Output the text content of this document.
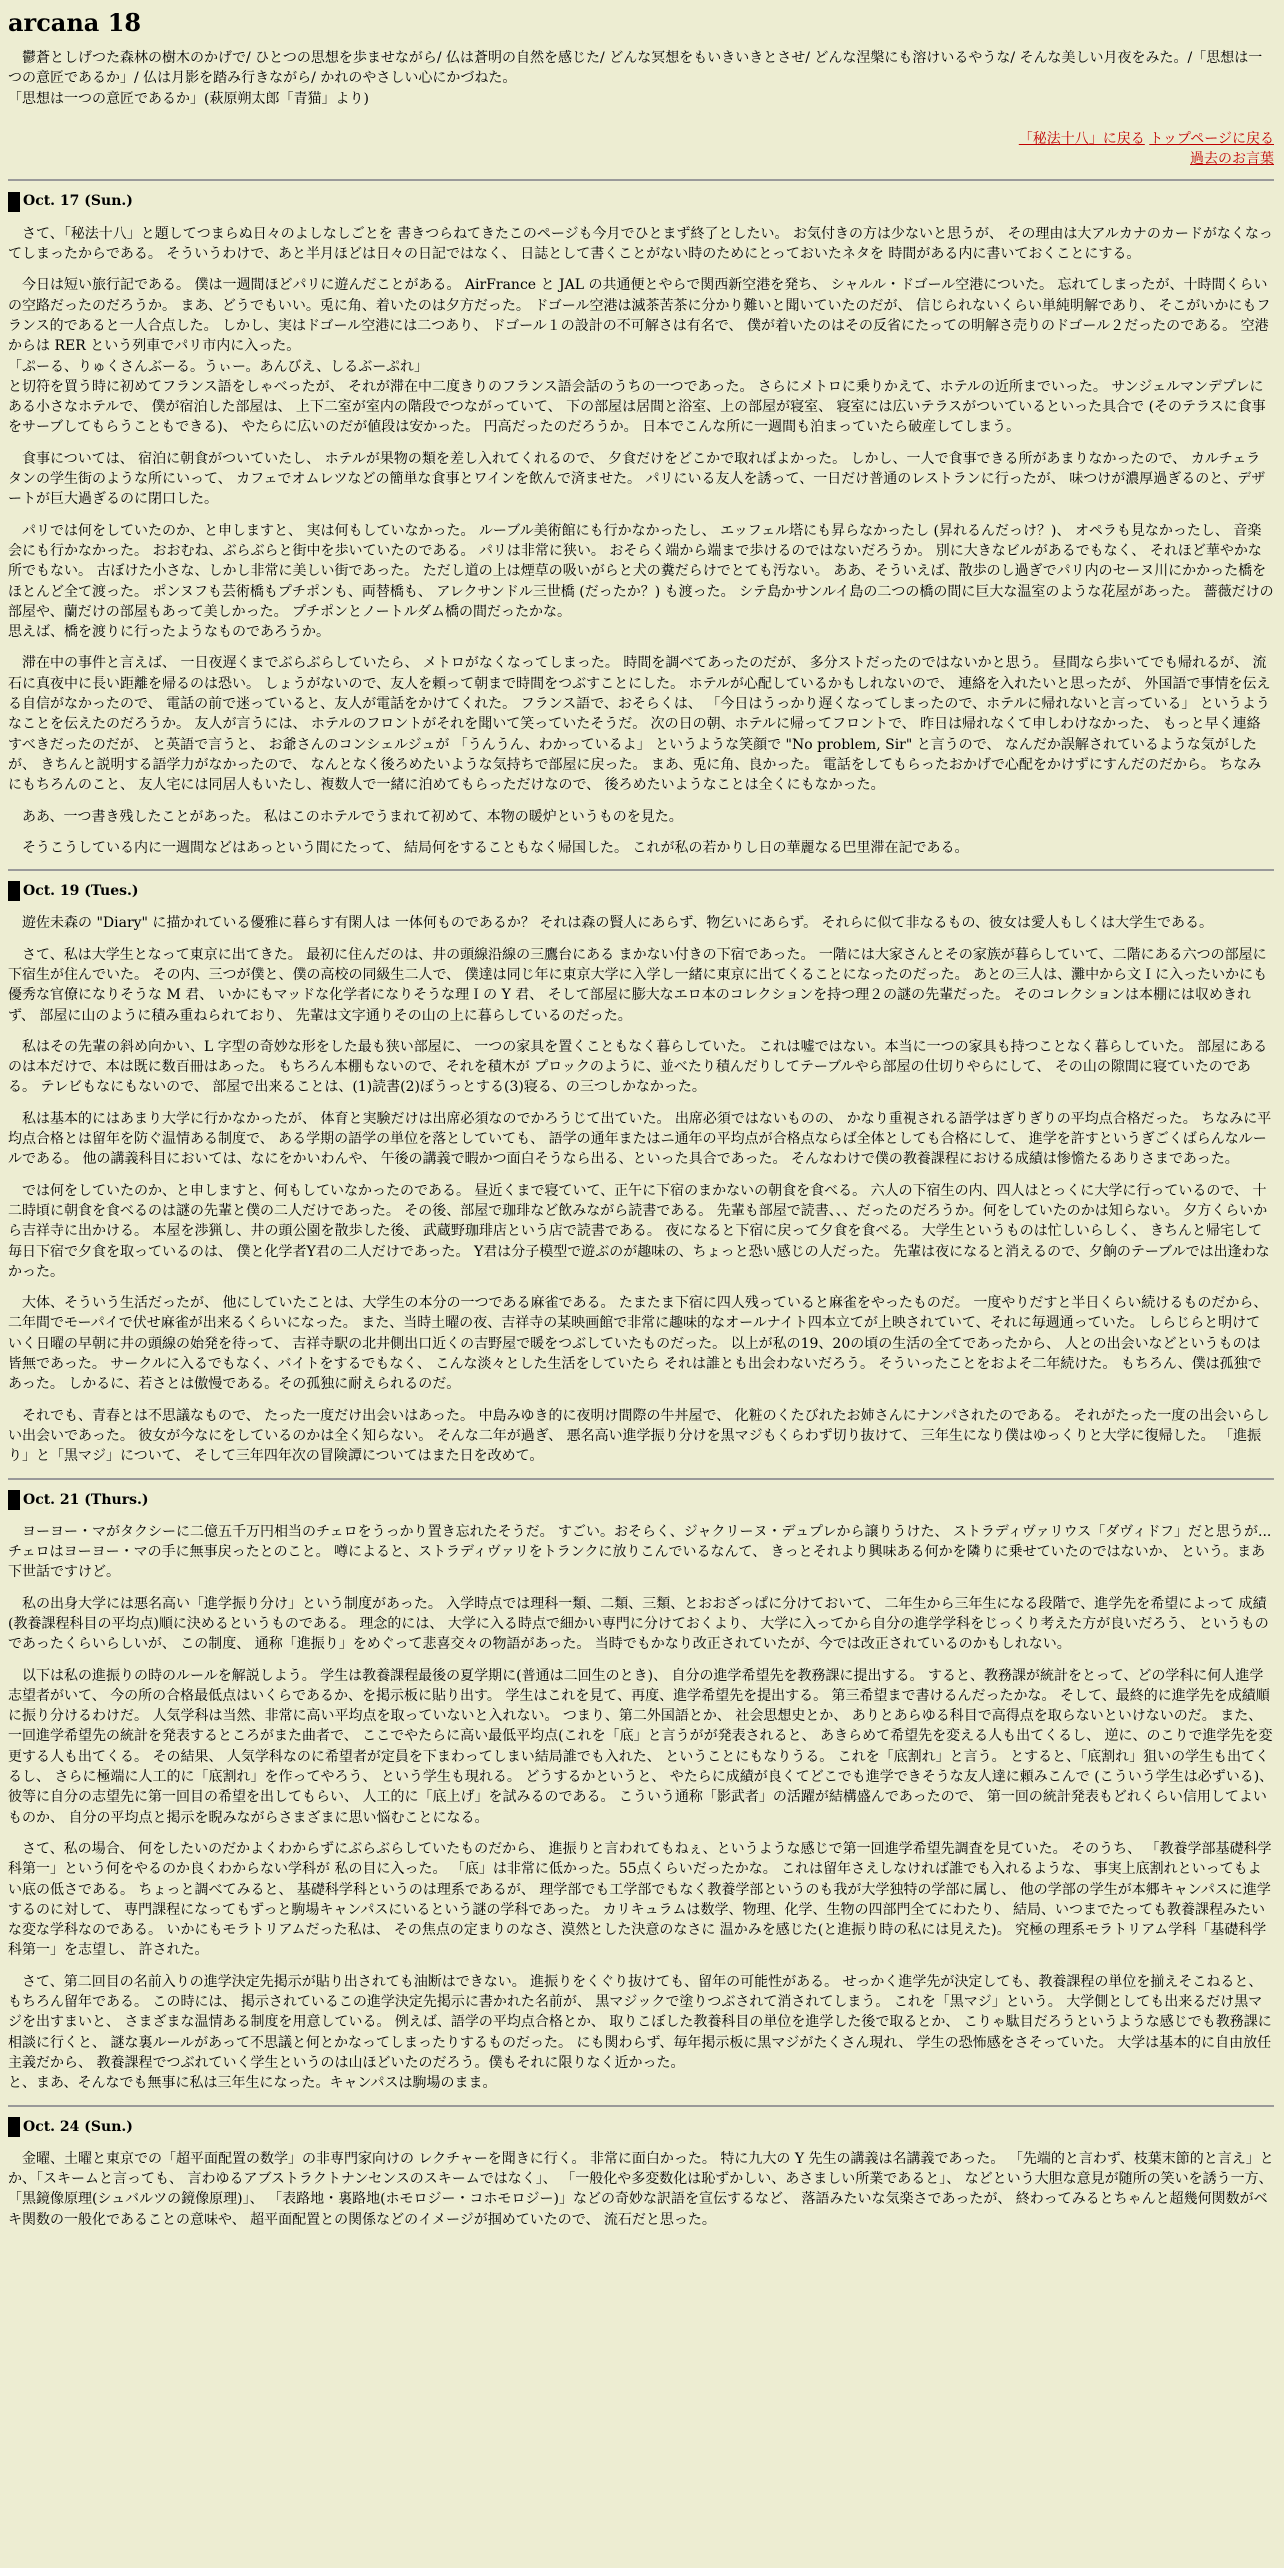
arcana 18
　鬱蒼としげつた森林の樹木のかげで/ ひとつの思想を歩ませながら/ 仏は蒼明の自然を感じた/ どんな冥想をもいきいきとさせ/ どんな涅槃にも溶けいるやうな/ そんな美しい月夜をみた。/「思想は一つの意匠であるか」/ 仏は月影を踏み行きながら/ かれのやさしい心にかづねた。
「思想は一つの意匠であるか」(萩原朔太郎「青猫」より)
「秘法十八」に戻る トップページに戻る
過去のお言葉
Oct. 17 (Sun.)

さて、「秘法十八」と題してつまらぬ日々のよしなしごとを 書きつらねてきたこのページも今月でひとまず終了としたい。 お気付きの方は少ないと思うが、 その理由は大アルカナのカードがなくなってしまったからである。 そういうわけで、あと半月ほどは日々の日記ではなく、 日誌として書くことがない時のためにとっておいたネタを 時間がある内に書いておくことにする。

今日は短い旅行記である。 僕は一週間ほどパリに遊んだことがある。 AirFrance と JAL の共通便とやらで関西新空港を発ち、 シャルル・ドゴール空港についた。 忘れてしまったが、十時間くらいの空路だったのだろうか。 まあ、どうでもいい。兎に角、着いたのは夕方だった。 ドゴール空港は滅茶苦茶に分かり難いと聞いていたのだが、 信じられないくらい単純明解であり、 そこがいかにもフランス的であると一人合点した。 しかし、実はドゴール空港には二つあり、 ドゴール１の設計の不可解さは有名で、 僕が着いたのはその反省にたっての明解さ売りのドゴール２だったのである。 空港からは RER という列車でパリ市内に入った。

「ぷーる、りゅくさんぶーる。うぃー。あんびえ、しるぶーぷれ」

と切符を買う時に初めてフランス語をしゃべったが、 それが滞在中二度きりのフランス語会話のうちの一つであった。 さらにメトロに乗りかえて、ホテルの近所までいった。 サンジェルマンデプレにある小さなホテルで、 僕が宿泊した部屋は、 上下二室が室内の階段でつながっていて、 下の部屋は居間と浴室、上の部屋が寝室、 寝室には広いテラスがついているといった具合で (そのテラスに食事をサーブしてもらうこともできる)、 やたらに広いのだが値段は安かった。 円高だったのだろうか。 日本でこんな所に一週間も泊まっていたら破産してしまう。

食事については、 宿泊に朝食がついていたし、 ホテルが果物の類を差し入れてくれるので、 夕食だけをどこかで取ればよかった。 しかし、一人で食事できる所があまりなかったので、 カルチェラタンの学生街のような所にいって、 カフェでオムレツなどの簡単な食事とワインを飲んで済ませた。 パリにいる友人を誘って、一日だけ普通のレストランに行ったが、 味つけが濃厚過ぎるのと、デザートが巨大過ぎるのに閉口した。

パリでは何をしていたのか、と申しますと、 実は何もしていなかった。 ルーブル美術館にも行かなかったし、 エッフェル塔にも昇らなかったし (昇れるんだっけ？)、 オペラも見なかったし、 音楽会にも行かなかった。 おおむね、ぶらぶらと街中を歩いていたのである。 パリは非常に狭い。 おそらく端から端まで歩けるのではないだろうか。 別に大きなビルがあるでもなく、 それほど華やかな所でもない。 古ぼけた小さな、しかし非常に美しい街であった。 ただし道の上は煙草の吸いがらと犬の糞だらけでとても汚ない。 ああ、そういえば、散歩のし過ぎでパリ内のセーヌ川にかかった橋を ほとんど全て渡った。 ポンヌフも芸術橋もプチポンも、両替橋も、 アレクサンドル三世橋 (だったか？) も渡った。 シテ島かサンルイ島の二つの橋の間に巨大な温室のような花屋があった。 薔薇だけの部屋や、蘭だけの部屋もあって美しかった。 プチポンとノートルダム橋の間だったかな。

思えば、橋を渡りに行ったようなものであろうか。

滞在中の事件と言えば、 一日夜遅くまでぶらぶらしていたら、 メトロがなくなってしまった。 時間を調べてあったのだが、 多分ストだったのではないかと思う。 昼間なら歩いてでも帰れるが、 流石に真夜中に長い距離を帰るのは恐い。 しょうがないので、友人を頼って朝まで時間をつぶすことにした。 ホテルが心配しているかもしれないので、 連絡を入れたいと思ったが、 外国語で事情を伝える自信がなかったので、 電話の前で迷っていると、友人が電話をかけてくれた。 フランス語で、おそらくは、 「今日はうっかり遅くなってしまったので、ホテルに帰れないと言っている」 というようなことを伝えたのだろうか。 友人が言うには、 ホテルのフロントがそれを聞いて笑っていたそうだ。 次の日の朝、ホテルに帰ってフロントで、 昨日は帰れなくて申しわけなかった、 もっと早く連絡すべきだったのだが、 と英語で言うと、 お爺さんのコンシェルジュが 「うんうん、わかっているよ」 というような笑顔で "No problem, Sir" と言うので、 なんだか誤解されているような気がしたが、 きちんと説明する語学力がなかったので、 なんとなく後ろめたいような気持ちで部屋に戻った。 まあ、兎に角、良かった。 電話をしてもらったおかげで心配をかけずにすんだのだから。 ちなみにもちろんのこと、 友人宅には同居人もいたし、複数人で一緒に泊めてもらっただけなので、 後ろめたいようなことは全くにもなかった。

ああ、一つ書き残したことがあった。 私はこのホテルでうまれて初めて、本物の暖炉というものを見た。

そうこうしている内に一週間などはあっという間にたって、 結局何をすることもなく帰国した。 これが私の若かりし日の華麗なる巴里滞在記である。

Oct. 19 (Tues.)

遊佐未森の "Diary" に描かれている優雅に暮らす有閑人は 一体何ものであるか？ それは森の賢人にあらず、物乞いにあらず。 それらに似て非なるもの、彼女は愛人もしくは大学生である。

さて、私は大学生となって東京に出てきた。 最初に住んだのは、井の頭線沿線の三鷹台にある まかない付きの下宿であった。 一階には大家さんとその家族が暮らしていて、二階にある六つの部屋に下宿生が住んでいた。 その内、三つが僕と、僕の高校の同級生二人で、 僕達は同じ年に東京大学に入学し一緒に東京に出てくることになったのだった。 あとの三人は、灘中から文Ｉに入ったいかにも優秀な官僚になりそうな M 君、 いかにもマッドな化学者になりそうな理Ｉの Y 君、 そして部屋に膨大なエロ本のコレクションを持つ理２の謎の先輩だった。 そのコレクションは本棚には収めきれず、 部屋に山のように積み重ねられており、 先輩は文字通りその山の上に暮らしているのだった。

私はその先輩の斜め向かい、L 字型の奇妙な形をした最も狭い部屋に、 一つの家具を置くこともなく暮らしていた。 これは嘘ではない。本当に一つの家具も持つことなく暮らしていた。 部屋にあるのは本だけで、本は既に数百冊はあった。 もちろん本棚もないので、それを積木が プロックのように、並べたり積んだりしてテーブルやら部屋の仕切りやらにして、 その山の隙間に寝ていたのである。 テレビもなにもないので、 部屋で出来ることは、(1)読書(2)ぼうっとする(3)寝る、の三つしかなかった。

私は基本的にはあまり大学に行かなかったが、 体育と実験だけは出席必須なのでかろうじて出ていた。 出席必須ではないものの、 かなり重視される語学はぎりぎりの平均点合格だった。 ちなみに平均点合格とは留年を防ぐ温情ある制度で、 ある学期の語学の単位を落としていても、 語学の通年またはニ通年の平均点が合格点ならば全体としても合格にして、 進学を許すというぎごくばらんなルールである。 他の講義科目においては、なにをかいわんや、 午後の講義で暇かつ面白そうなら出る、といった具合であった。 そんなわけで僕の教養課程における成績は惨憺たるありさまであった。

では何をしていたのか、と申しますと、何もしていなかったのである。 昼近くまで寝ていて、正午に下宿のまかないの朝食を食べる。 六人の下宿生の内、四人はとっくに大学に行っているので、 十二時頃に朝食を食べるのは謎の先輩と僕の二人だけであった。 その後、部屋で珈琲など飲みながら読書である。 先輩も部屋で読書、、、だったのだろうか。何をしていたのかは知らない。 夕方くらいから吉祥寺に出かける。 本屋を渉猟し、井の頭公園を散歩した後、 武蔵野珈琲店という店で読書である。 夜になると下宿に戻って夕食を食べる。 大学生というものは忙しいらしく、 きちんと帰宅して毎日下宿で夕食を取っているのは、 僕と化学者Y君の二人だけであった。 Y君は分子模型で遊ぶのが趣味の、ちょっと恐い感じの人だった。 先輩は夜になると消えるので、夕餉のテーブルでは出逢わなかった。

大体、そういう生活だったが、 他にしていたことは、大学生の本分の一つである麻雀である。 たまたま下宿に四人残っていると麻雀をやったものだ。 一度やりだすと半日くらい続けるものだから、 二年間でモーパイで伏せ麻雀が出来るくらいになった。 また、当時土曜の夜、吉祥寺の某映画館で非常に趣味的なオールナイト四本立てが上映されていて、それに毎週通っていた。 しらじらと明けていく日曜の早朝に井の頭線の始発を待って、 吉祥寺駅の北井側出口近くの吉野屋で暖をつぶしていたものだった。 以上が私の19、20の頃の生活の全てであったから、 人との出会いなどというものは皆無であった。 サークルに入るでもなく、バイトをするでもなく、 こんな淡々とした生活をしていたら それは誰とも出会わないだろう。 そういったことをおよそ二年続けた。 もちろん、僕は孤独であった。 しかるに、若さとは傲慢である。その孤独に耐えられるのだ。

それでも、青春とは不思議なもので、 たった一度だけ出会いはあった。 中島みゆき的に夜明け間際の牛丼屋で、 化粧のくたびれたお姉さんにナンパされたのである。 それがたった一度の出会いらしい出会いであった。 彼女が今なにをしているのかは全く知らない。 そんな二年が過ぎ、 悪名高い進学振り分けを黒マジもくらわず切り抜けて、 三年生になり僕はゆっくりと大学に復帰した。 「進振り」と「黒マジ」について、 そして三年四年次の冒険譚についてはまた日を改めて。

Oct. 21 (Thurs.)

ヨーヨー・マがタクシーに二億五千万円相当のチェロをうっかり置き忘れたそうだ。 すごい。おそらく、ジャクリーヌ・デュプレから譲りうけた、 ストラディヴァリウス「ダヴィドフ」だと思うが... チェロはヨーヨー・マの手に無事戻ったとのこと。 噂によると、ストラディヴァリをトランクに放りこんでいるなんて、 きっとそれより興味ある何かを隣りに乗せていたのではないか、 という。まあ下世話ですけど。

私の出身大学には悪名高い「進学振り分け」という制度があった。 入学時点では理科一類、二類、三類、とおおざっぱに分けておいて、 二年生から三年生になる段階で、進学先を希望によって 成績(教養課程科目の平均点)順に決めるというものである。 理念的には、 大学に入る時点で細かい専門に分けておくより、 大学に入ってから自分の進学学科をじっくり考えた方が良いだろう、 というものであったくらいらしいが、 この制度、 通称「進振り」をめぐって悲喜交々の物語があった。 当時でもかなり改正されていたが、今では改正されているのかもしれない。

以下は私の進振りの時のルールを解説しよう。 学生は教養課程最後の夏学期に(普通は二回生のとき)、 自分の進学希望先を教務課に提出する。 すると、教務課が統計をとって、どの学科に何人進学志望者がいて、 今の所の合格最低点はいくらであるか、を掲示板に貼り出す。 学生はこれを見て、再度、進学希望先を提出する。 第三希望まで書けるんだったかな。 そして、最終的に進学先を成績順に振り分けるわけだ。 人気学科は当然、非常に高い平均点を取っていないと入れない。 つまり、第二外国語とか、 社会思想史とか、 ありとあらゆる科目で高得点を取らないといけないのだ。 また、一回進学希望先の統計を発表するところがまた曲者で、 ここでやたらに高い最低平均点(これを「底」と言うがが発表されると、 あきらめて希望先を変える人も出てくるし、 逆に、のこりで進学先を変更する人も出てくる。 その結果、 人気学科なのに希望者が定員を下まわってしまい結局誰でも入れた、 ということにもなりうる。 これを「底割れ」と言う。 とすると、「底割れ」狙いの学生も出てくるし、 さらに極端に人工的に「底割れ」を作ってやろう、 という学生も現れる。 どうするかというと、 やたらに成績が良くてどこでも進学できそうな友人達に頼みこんで (こういう学生は必ずいる)、 彼等に自分の志望先に第一回目の希望を出してもらい、 人工的に「底上げ」を試みるのである。 こういう通称「影武者」の活躍が結構盛んであったので、 第一回の統計発表もどれくらい信用してよいものか、 自分の平均点と掲示を睨みながらさまざまに思い悩むことになる。

さて、私の場合、 何をしたいのだかよくわからずにぶらぶらしていたものだから、 進振りと言われてもねぇ、というような感じで第一回進学希望先調査を見ていた。 そのうち、 「教養学部基礎科学科第一」という何をやるのか良くわからない学科が 私の目に入った。 「底」は非常に低かった。55点くらいだったかな。 これは留年さえしなければ誰でも入れるような、 事実上底割れといってもよい底の低さである。 ちょっと調べてみると、 基礎科学科というのは理系であるが、 理学部でも工学部でもなく教養学部というのも我が大学独特の学部に属し、 他の学部の学生が本郷キャンパスに進学するのに対して、 専門課程になってもずっと駒場キャンパスにいるという謎の学科であった。 カリキュラムは数学、物理、化学、生物の四部門全てにわたり、 結局、いつまでたっても教養課程みたいな変な学科なのである。 いかにもモラトリアムだった私は、 その焦点の定まりのなさ、漠然とした決意のなさに 温かみを感じた(と進振り時の私には見えた)。 究極の理系モラトリアム学科「基礎科学科第一」を志望し、 許された。

さて、第二回目の名前入りの進学決定先掲示が貼り出されても油断はできない。 進振りをくぐり抜けても、留年の可能性がある。 せっかく進学先が決定しても、教養課程の単位を揃えそこねると、 もちろん留年である。 この時には、 掲示されているこの進学決定先掲示に書かれた名前が、 黒マジックで塗りつぶされて消されてしまう。 これを「黒マジ」という。 大学側としても出来るだけ黒マジを出すまいと、 さまざまな温情ある制度を用意している。 例えば、語学の平均点合格とか、 取りこぼした教養科目の単位を進学した後で取るとか、 こりゃ駄目だろうというような感じでも教務課に相談に行くと、 謎な裏ルールがあって不思議と何とかなってしまったりするものだった。 にも関わらず、毎年掲示板に黒マジがたくさん現れ、 学生の恐怖感をさそっていた。 大学は基本的に自由放任主義だから、 教養課程でつぶれていく学生というのは山ほどいたのだろう。僕もそれに限りなく近かった。

と、まあ、そんなでも無事に私は三年生になった。キャンパスは駒場のまま。

Oct. 24 (Sun.)

金曜、土曜と東京での「超平面配置の数学」の非専門家向けの レクチャーを聞きに行く。 非常に面白かった。 特に九大の Y 先生の講義は名講義であった。 「先端的と言わず、枝葉末節的と言え」とか、「スキームと言っても、 言わゆるアブストラクトナンセンスのスキームではなく」、 「一般化や多変数化は恥ずかしい、あさましい所業であると」、 などという大胆な意見が随所の笑いを誘う一方、 「黒鏡像原理(シュバルツの鏡像原理)」、 「表路地・裏路地(ホモロジー・コホモロジー)」などの奇妙な訳語を宣伝するなど、 落語みたいな気楽さであったが、 終わってみるとちゃんと超幾何関数がベキ関数の一般化であることの意味や、 超平面配置との関係などのイメージが掴めていたので、 流石だと思った。
